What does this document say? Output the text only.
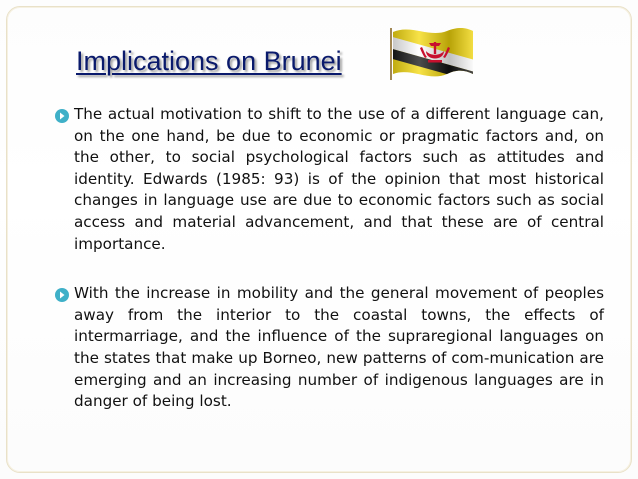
Implications on Brunei
The actual motivation to shift to the use of a different language can, on the one hand, be due to economic or pragmatic factors and, on the other, to social psychological factors such as attitudes and identity. Edwards (1985: 93) is of the opinion that most historical changes in language use are due to economic factors such as social access and material advancement, and that these are of central importance.
With the increase in mobility and the general movement of peoples away from the interior to the coastal towns, the effects of intermarriage, and the influence of the supraregional languages on the states that make up Borneo, new patterns of com-munication are emerging and an increasing number of indigenous languages are in danger of being lost.
